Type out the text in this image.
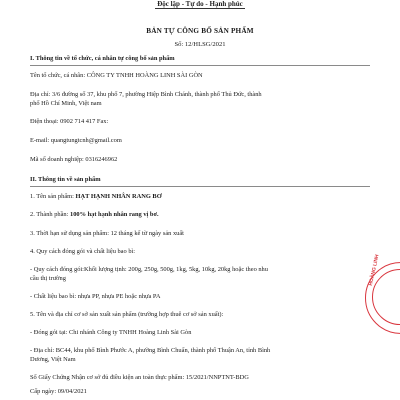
Độc lập - Tự do - Hạnh phúc
BẢN TỰ CÔNG BỐ SẢN PHẨM
Số: 12/HLSG/2021
I. Thông tin về tổ chức, cá nhân tự công bố sản phẩm
Tên tổ chức, cá nhân: CÔNG TY TNHH HOÀNG LINH SÀI GÒN
Địa chỉ: 3/6 đường số 37, khu phố 7, phường Hiệp Bình Chánh, thành phố Thủ Đức, thành
phố Hồ Chí Minh, Việt nam
Điện thoại: 0902 714 417 Fax:
E-mail: quangtungtcnh@gmail.com
Mã số doanh nghiệp: 0316246962
II. Thông tin về sản phẩm
1. Tên sản phẩm: HẠT HẠNH NHÂN RANG BƠ
2. Thành phần: 100% hạt hạnh nhân rang vị bơ.
3. Thời hạn sử dụng sản phẩm: 12 tháng kể từ ngày sản xuất
4. Quy cách đóng gói và chất liệu bao bì:
- Quy cách đóng gói:Khối lượng tịnh: 200g, 250g, 500g, 1kg, 5kg, 10kg, 20kg hoặc theo nhu
cầu thị trường
- Chất liệu bao bì: nhựa PP, nhựa PE hoặc nhựa PA
5. Tên và địa chỉ cơ sở sản xuất sản phẩm (trường hợp thuê cơ sở sản xuất):
- Đóng gói tại: Chi nhánh Công ty TNHH Hoàng Linh Sài Gòn
- Địa chỉ: BC44, khu phố Bình Phước A, phường Bình Chuẩn, thành phố Thuận An, tỉnh Bình
Dương, Việt Nam
Số Giấy Chứng Nhận cơ sở đủ điều kiện an toàn thực phẩm: 15/2021/NNPTNT-BDG
Cấp ngày: 09/04/2021
HOÀNG LINH
